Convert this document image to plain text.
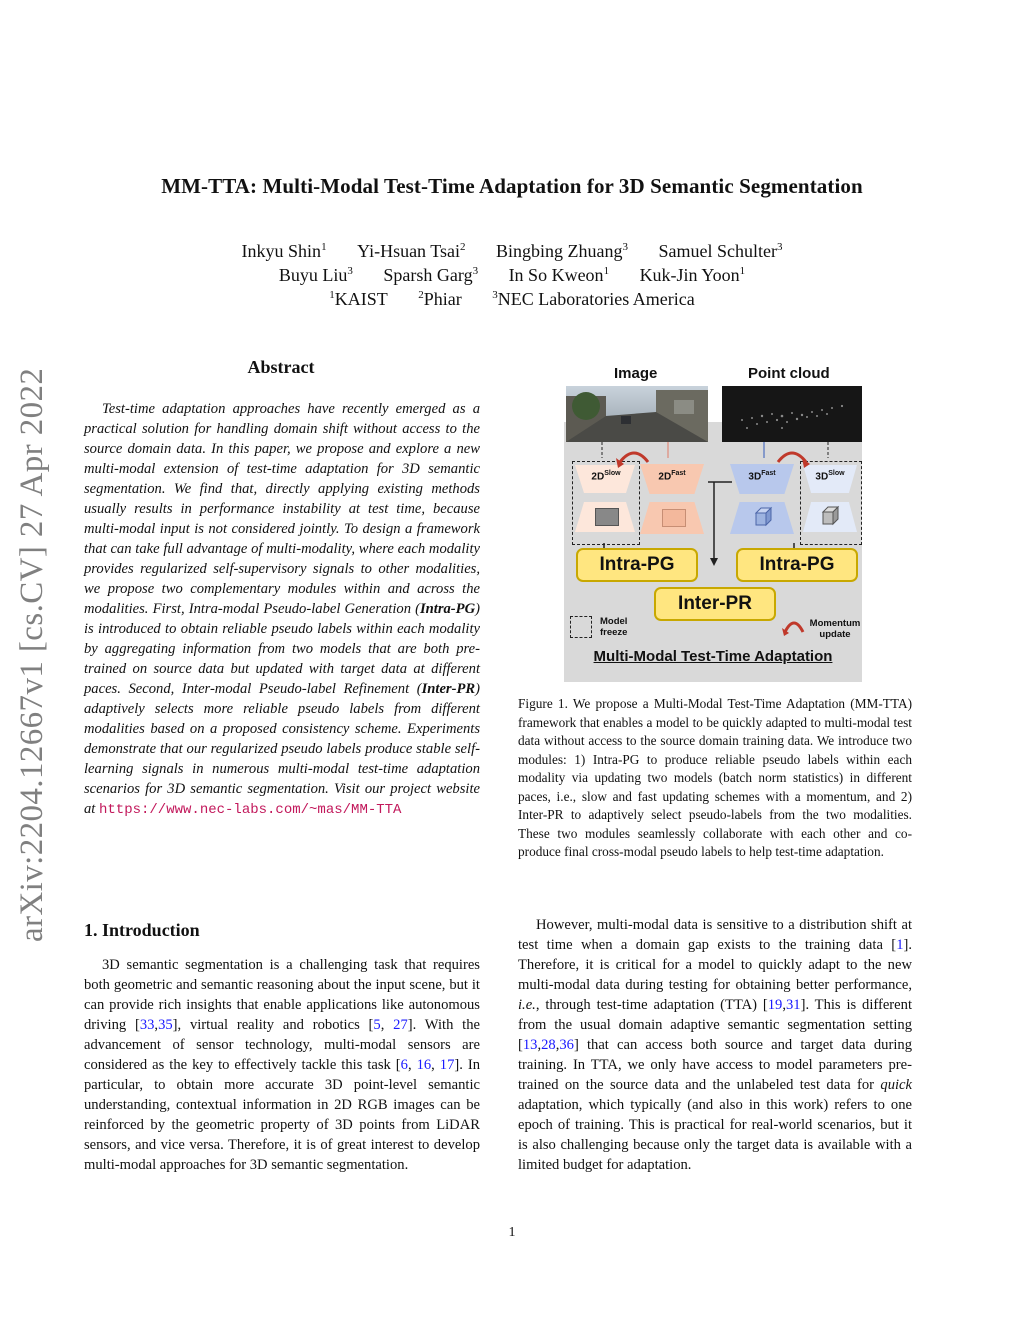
MM-TTA: Multi-Modal Test-Time Adaptation for 3D Semantic Segmentation
Inkyu Shin$^1$ Yi-Hsuan Tsai$^2$ Bingbing Zhuang$^3$ Samuel Schulter$^3$
Buyu Liu$^3$ Sparsh Garg$^3$ In So Kweon$^1$ Kuk-Jin Yoon$^1$
$^1$KAIST	$^2$Phiar	$^3$NEC Laboratories America
arXiv:2204.12667v1 [cs.CV] 27 Apr 2022
Abstract

Test-time adaptation approaches have recently emerged as a practical solution for handling domain shift without access to the source domain data. In this paper, we propose and explore a new multi-modal extension of test-time adaptation for 3D semantic segmentation. We find that, directly applying existing methods usually results in performance instability at test time, because multi-modal input is not considered jointly. To design a framework that can take full advantage of multi-modality, where each modality provides regularized self-supervisory signals to other modalities, we propose two complementary modules within and across the modalities. First, Intra-modal Pseudo-label Generation (Intra-PG) is introduced to obtain reliable pseudo labels within each modality by aggregating information from two models that are both pre-trained on source data but updated with target data at different paces. Second, Inter-modal Pseudo-label Refinement (Inter-PR) adaptively selects more reliable pseudo labels from different modalities based on a proposed consistency scheme. Experiments demonstrate that our regularized pseudo labels produce stable self-learning signals in numerous multi-modal test-time adaptation scenarios for 3D semantic segmentation. Visit our project website at https://www.nec-labs.com/~mas/MM-TTA

Image	Point cloud
$2D^{Slow}$	$2D^{Fast}$	$3D^{Fast}$	$3D^{Slow}$
Intra-PG	Intra-PG
Inter-PR
Model freeze
Momentum update
Multi-Modal Test-Time Adaptation
Figure 1. We propose a Multi-Modal Test-Time Adaptation (MM-TTA) framework that enables a model to be quickly adapted to multi-modal test data without access to the source domain training data. We introduce two modules: 1) Intra-PG to produce reliable pseudo labels within each modality via updating two models (batch norm statistics) in different paces, i.e., slow and fast updating schemes with a momentum, and 2) Inter-PR to adaptively select pseudo-labels from the two modalities. These two modules seamlessly collaborate with each other and co-produce final cross-modal pseudo labels to help test-time adaptation.
1. Introduction

3D semantic segmentation is a challenging task that requires both geometric and semantic reasoning about the input scene, but it can provide rich insights that enable applications like autonomous driving [33,35], virtual reality and robotics [5, 27]. With the advancement of sensor technology, multi-modal sensors are considered as the key to effectively tackle this task [6, 16, 17]. In particular, to obtain more accurate 3D point-level semantic understanding, contextual information in 2D RGB images can be reinforced by the geometric property of 3D points from LiDAR sensors, and vice versa. Therefore, it is of great interest to develop multi-modal approaches for 3D semantic segmentation.

However, multi-modal data is sensitive to a distribution shift at test time when a domain gap exists to the training data [1]. Therefore, it is critical for a model to quickly adapt to the new multi-modal data during testing for obtaining better performance, i.e., through test-time adaptation (TTA) [19,31]. This is different from the usual domain adaptive semantic segmentation setting [13,28,36] that can access both source and target data during training. In TTA, we only have access to model parameters pre-trained on the source data and the unlabeled test data for quick adaptation, which typically (and also in this work) refers to one epoch of training. This is practical for real-world scenarios, but it is also challenging because only the target data is available with a limited budget for adaptation.

1
